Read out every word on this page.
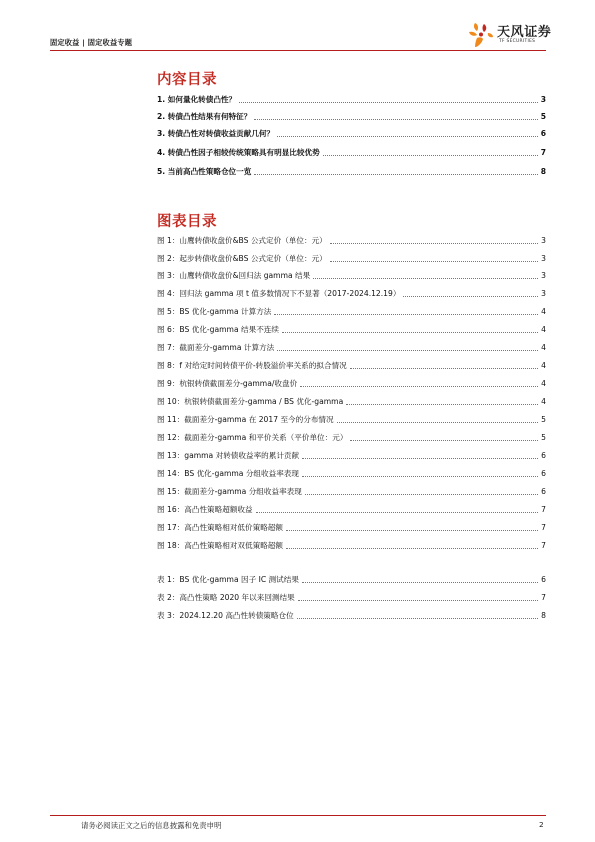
固定收益 | 固定收益专题
天风证券
TF SECURITIES
内容目录
1. 如何量化转债凸性？	3
2. 转债凸性结果有何特征？	5
3. 转债凸性对转债收益贡献几何？	6
4. 转债凸性因子相较传统策略具有明显比较优势	7
5. 当前高凸性策略仓位一览	8
图表目录
图 1：山鹰转债收盘价&BS 公式定价（单位：元）	3
图 2：起步转债收盘价&BS 公式定价（单位：元）	3
图 3：山鹰转债收盘价&回归法 gamma 结果	3
图 4：回归法 gamma 项 t 值多数情况下不显著（2017-2024.12.19）	3
图 5：BS 优化-gamma 计算方法	4
图 6：BS 优化-gamma 结果不连续	4
图 7：截面差分-gamma 计算方法	4
图 8：f 对给定时间转债平价-转股溢价率关系的拟合情况	4
图 9：杭银转债截面差分-gamma/收盘价	4
图 10：杭银转债截面差分-gamma / BS 优化-gamma	4
图 11：截面差分-gamma 在 2017 至今的分布情况	5
图 12：截面差分-gamma 和平价关系（平价单位：元）	5
图 13：gamma 对转债收益率的累计贡献	6
图 14：BS 优化-gamma 分组收益率表现	6
图 15：截面差分-gamma 分组收益率表现	6
图 16：高凸性策略超额收益	7
图 17：高凸性策略相对低价策略超额	7
图 18：高凸性策略相对双低策略超额	7
表 1：BS 优化-gamma 因子 IC 测试结果	6
表 2：高凸性策略 2020 年以来回测结果	7
表 3：2024.12.20 高凸性转债策略仓位	8
请务必阅读正文之后的信息披露和免责申明	2
